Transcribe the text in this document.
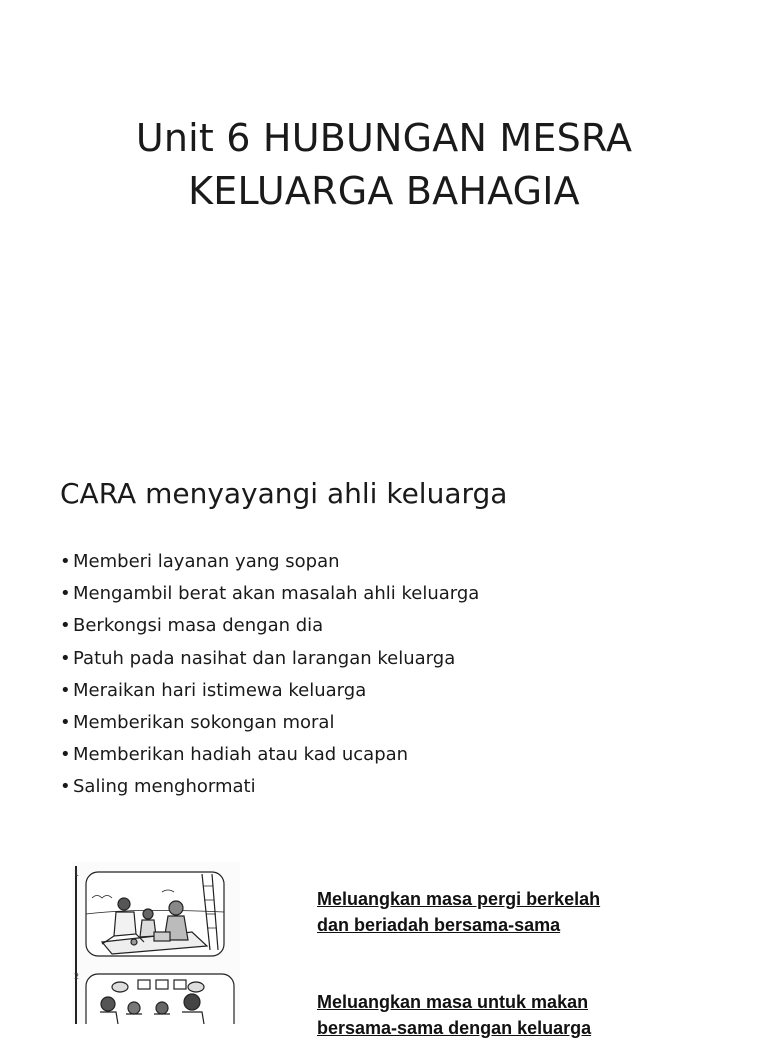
Unit 6 HUBUNGAN MESRA
KELUARGA BAHAGIA
CARA menyayangi ahli keluarga
• Memberi layanan yang sopan
• Mengambil berat akan masalah ahli keluarga
• Berkongsi masa dengan dia
• Patuh pada nasihat dan larangan keluarga
• Meraikan hari istimewa keluarga
• Memberikan sokongan moral
• Memberikan hadiah atau kad ucapan
• Saling menghormati
1
2

Meluangkan masa pergi berkelah
dan beriadah bersama-sama

Meluangkan masa untuk makan
bersama-sama dengan keluarga
